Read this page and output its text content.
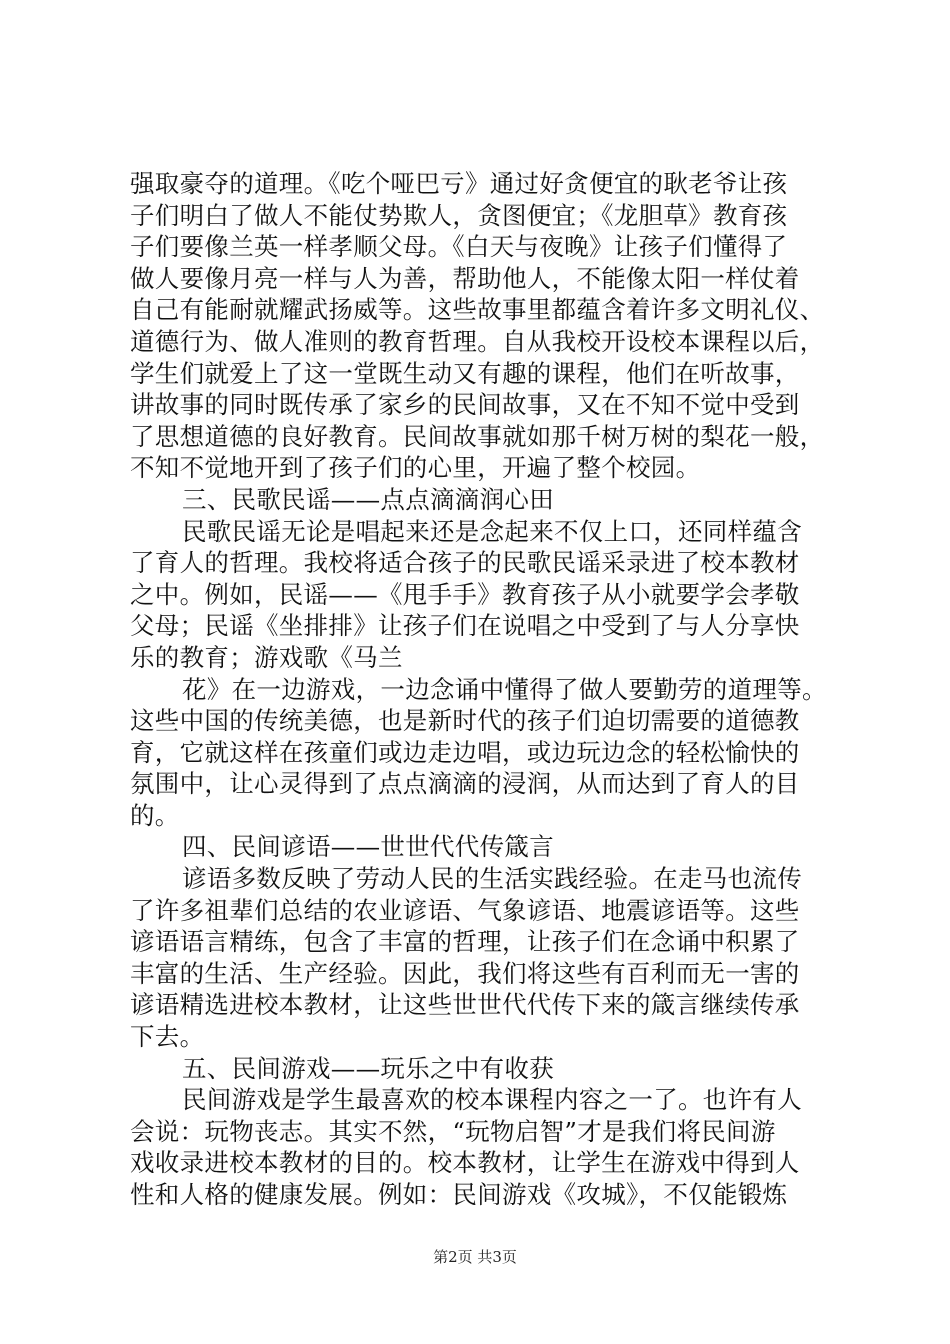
强取豪夺的道理。《吃个哑巴亏》通过好贪便宜的耿老爷让孩
子们明白了做人不能仗势欺人，贪图便宜；《龙胆草》教育孩
子们要像兰英一样孝顺父母。《白天与夜晚》让孩子们懂得了
做人要像月亮一样与人为善，帮助他人，不能像太阳一样仗着
自己有能耐就耀武扬威等。这些故事里都蕴含着许多文明礼仪、
道德行为、做人准则的教育哲理。自从我校开设校本课程以后，
学生们就爱上了这一堂既生动又有趣的课程，他们在听故事，
讲故事的同时既传承了家乡的民间故事，又在不知不觉中受到
了思想道德的良好教育。民间故事就如那千树万树的梨花一般，
不知不觉地开到了孩子们的心里，开遍了整个校园。
三、民歌民谣——点点滴滴润心田
民歌民谣无论是唱起来还是念起来不仅上口，还同样蕴含
了育人的哲理。我校将适合孩子的民歌民谣采录进了校本教材
之中。例如，民谣——《甩手手》教育孩子从小就要学会孝敬
父母；民谣《坐排排》让孩子们在说唱之中受到了与人分享快
乐的教育；游戏歌《马兰
花》在一边游戏，一边念诵中懂得了做人要勤劳的道理等。
这些中国的传统美德，也是新时代的孩子们迫切需要的道德教
育，它就这样在孩童们或边走边唱，或边玩边念的轻松愉快的
氛围中，让心灵得到了点点滴滴的浸润，从而达到了育人的目
的。
四、民间谚语——世世代代传箴言
谚语多数反映了劳动人民的生活实践经验。在走马也流传
了许多祖辈们总结的农业谚语、气象谚语、地震谚语等。这些
谚语语言精练，包含了丰富的哲理，让孩子们在念诵中积累了
丰富的生活、生产经验。因此，我们将这些有百利而无一害的
谚语精选进校本教材，让这些世世代代传下来的箴言继续传承
下去。
五、民间游戏——玩乐之中有收获
民间游戏是学生最喜欢的校本课程内容之一了。也许有人
会说：玩物丧志。其实不然，“玩物启智”才是我们将民间游
戏收录进校本教材的目的。校本教材，让学生在游戏中得到人
性和人格的健康发展。例如：民间游戏《攻城》，不仅能锻炼
第2页 共3页
